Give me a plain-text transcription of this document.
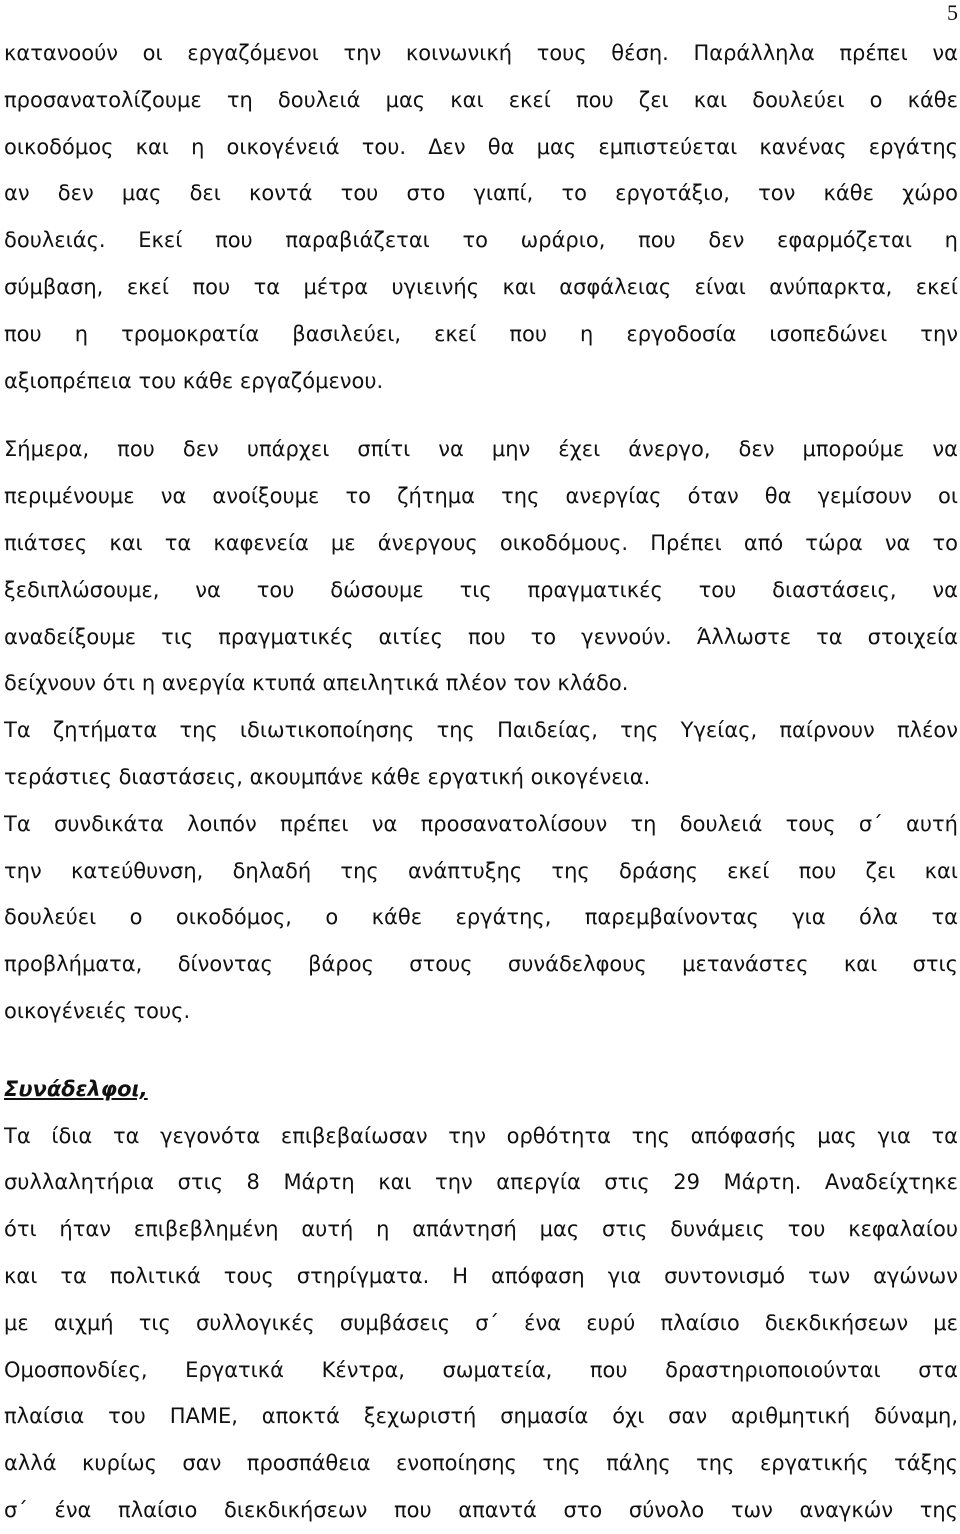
5
κατανοούν οι εργαζόμενοι την κοινωνική τους θέση. Παράλληλα πρέπει να
προσανατολίζουμε τη δουλειά μας και εκεί που ζει και δουλεύει ο κάθε
οικοδόμος και η οικογένειά του. Δεν θα μας εμπιστεύεται κανένας εργάτης
αν δεν μας δει κοντά του στο γιαπί, το εργοτάξιο, τον κάθε χώρο
δουλειάς. Εκεί που παραβιάζεται το ωράριο, που δεν εφαρμόζεται η
σύμβαση, εκεί που τα μέτρα υγιεινής και ασφάλειας είναι ανύπαρκτα, εκεί
που η τρομοκρατία βασιλεύει, εκεί που η εργοδοσία ισοπεδώνει την
αξιοπρέπεια του κάθε εργαζόμενου.
Σήμερα, που δεν υπάρχει σπίτι να μην έχει άνεργο, δεν μπορούμε να
περιμένουμε να ανοίξουμε το ζήτημα της ανεργίας όταν θα γεμίσουν οι
πιάτσες και τα καφενεία με άνεργους οικοδόμους. Πρέπει από τώρα να το
ξεδιπλώσουμε, να του δώσουμε τις πραγματικές του διαστάσεις, να
αναδείξουμε τις πραγματικές αιτίες που το γεννούν. Άλλωστε τα στοιχεία
δείχνουν ότι η ανεργία κτυπά απειλητικά πλέον τον κλάδο.
Τα ζητήματα της ιδιωτικοποίησης της Παιδείας, της Υγείας, παίρνουν πλέον
τεράστιες διαστάσεις, ακουμπάνε κάθε εργατική οικογένεια.
Τα συνδικάτα λοιπόν πρέπει να προσανατολίσουν τη δουλειά τους σ΄ αυτή
την κατεύθυνση, δηλαδή της ανάπτυξης της δράσης εκεί που ζει και
δουλεύει ο οικοδόμος, ο κάθε εργάτης, παρεμβαίνοντας για όλα τα
προβλήματα, δίνοντας βάρος στους συνάδελφους μετανάστες και στις
οικογένειές τους.
Συνάδελφοι,
Τα ίδια τα γεγονότα επιβεβαίωσαν την ορθότητα της απόφασής μας για τα
συλλαλητήρια στις 8 Μάρτη και την απεργία στις 29 Μάρτη. Αναδείχτηκε
ότι ήταν επιβεβλημένη αυτή η απάντησή μας στις δυνάμεις του κεφαλαίου
και τα πολιτικά τους στηρίγματα. Η απόφαση για συντονισμό των αγώνων
με αιχμή τις συλλογικές συμβάσεις σ΄ ένα ευρύ πλαίσιο διεκδικήσεων με
Ομοσπονδίες, Εργατικά Κέντρα, σωματεία, που δραστηριοποιούνται στα
πλαίσια του ΠΑΜΕ, αποκτά ξεχωριστή σημασία όχι σαν αριθμητική δύναμη,
αλλά κυρίως σαν προσπάθεια ενοποίησης της πάλης της εργατικής τάξης
σ΄ ένα πλαίσιο διεκδικήσεων που απαντά στο σύνολο των αναγκών της
